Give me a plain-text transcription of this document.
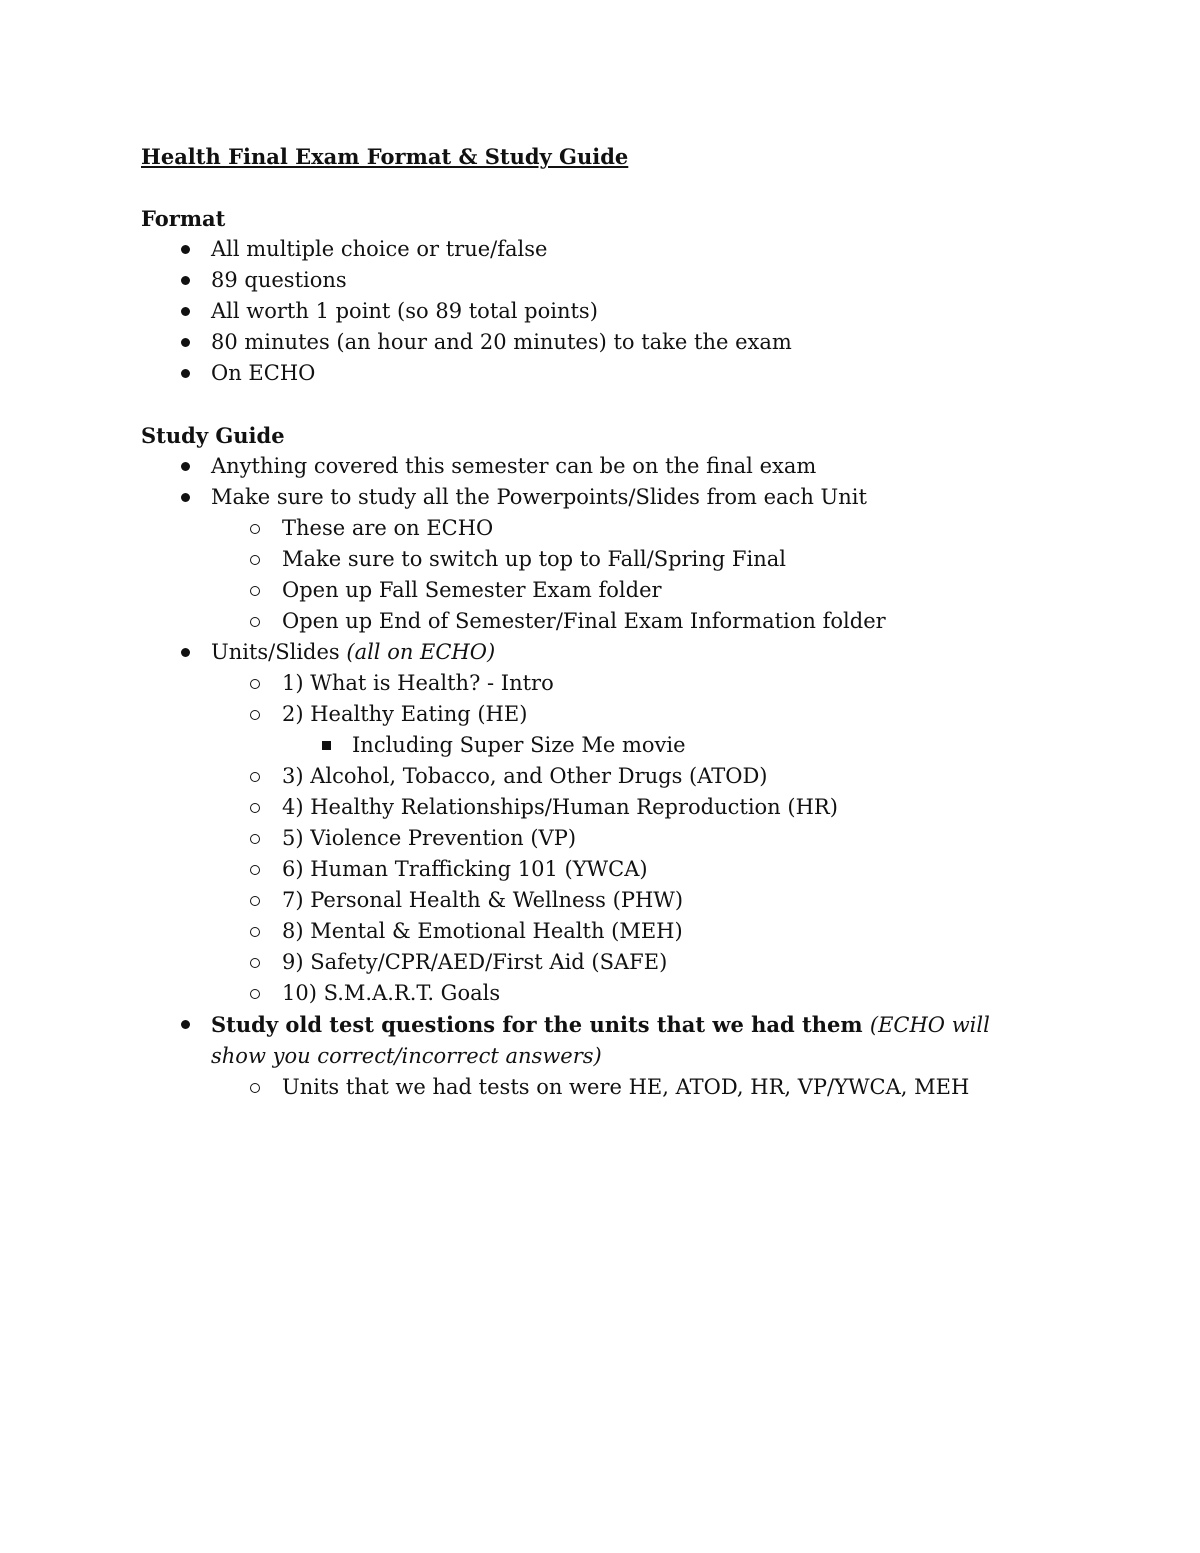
Health Final Exam Format & Study Guide
Format
All multiple choice or true/false
89 questions
All worth 1 point (so 89 total points)
80 minutes (an hour and 20 minutes) to take the exam
On ECHO
Study Guide
Anything covered this semester can be on the final exam
Make sure to study all the Powerpoints/Slides from each Unit
These are on ECHO
Make sure to switch up top to Fall/Spring Final
Open up Fall Semester Exam folder
Open up End of Semester/Final Exam Information folder
Units/Slides (all on ECHO)
1) What is Health? - Intro
2) Healthy Eating (HE)
Including Super Size Me movie
3) Alcohol, Tobacco, and Other Drugs (ATOD)
4) Healthy Relationships/Human Reproduction (HR)
5) Violence Prevention (VP)
6) Human Trafficking 101 (YWCA)
7) Personal Health & Wellness (PHW)
8) Mental & Emotional Health (MEH)
9) Safety/CPR/AED/First Aid (SAFE)
10) S.M.A.R.T. Goals
Study old test questions for the units that we had them (ECHO will show you correct/incorrect answers)
Units that we had tests on were HE, ATOD, HR, VP/YWCA, MEH
